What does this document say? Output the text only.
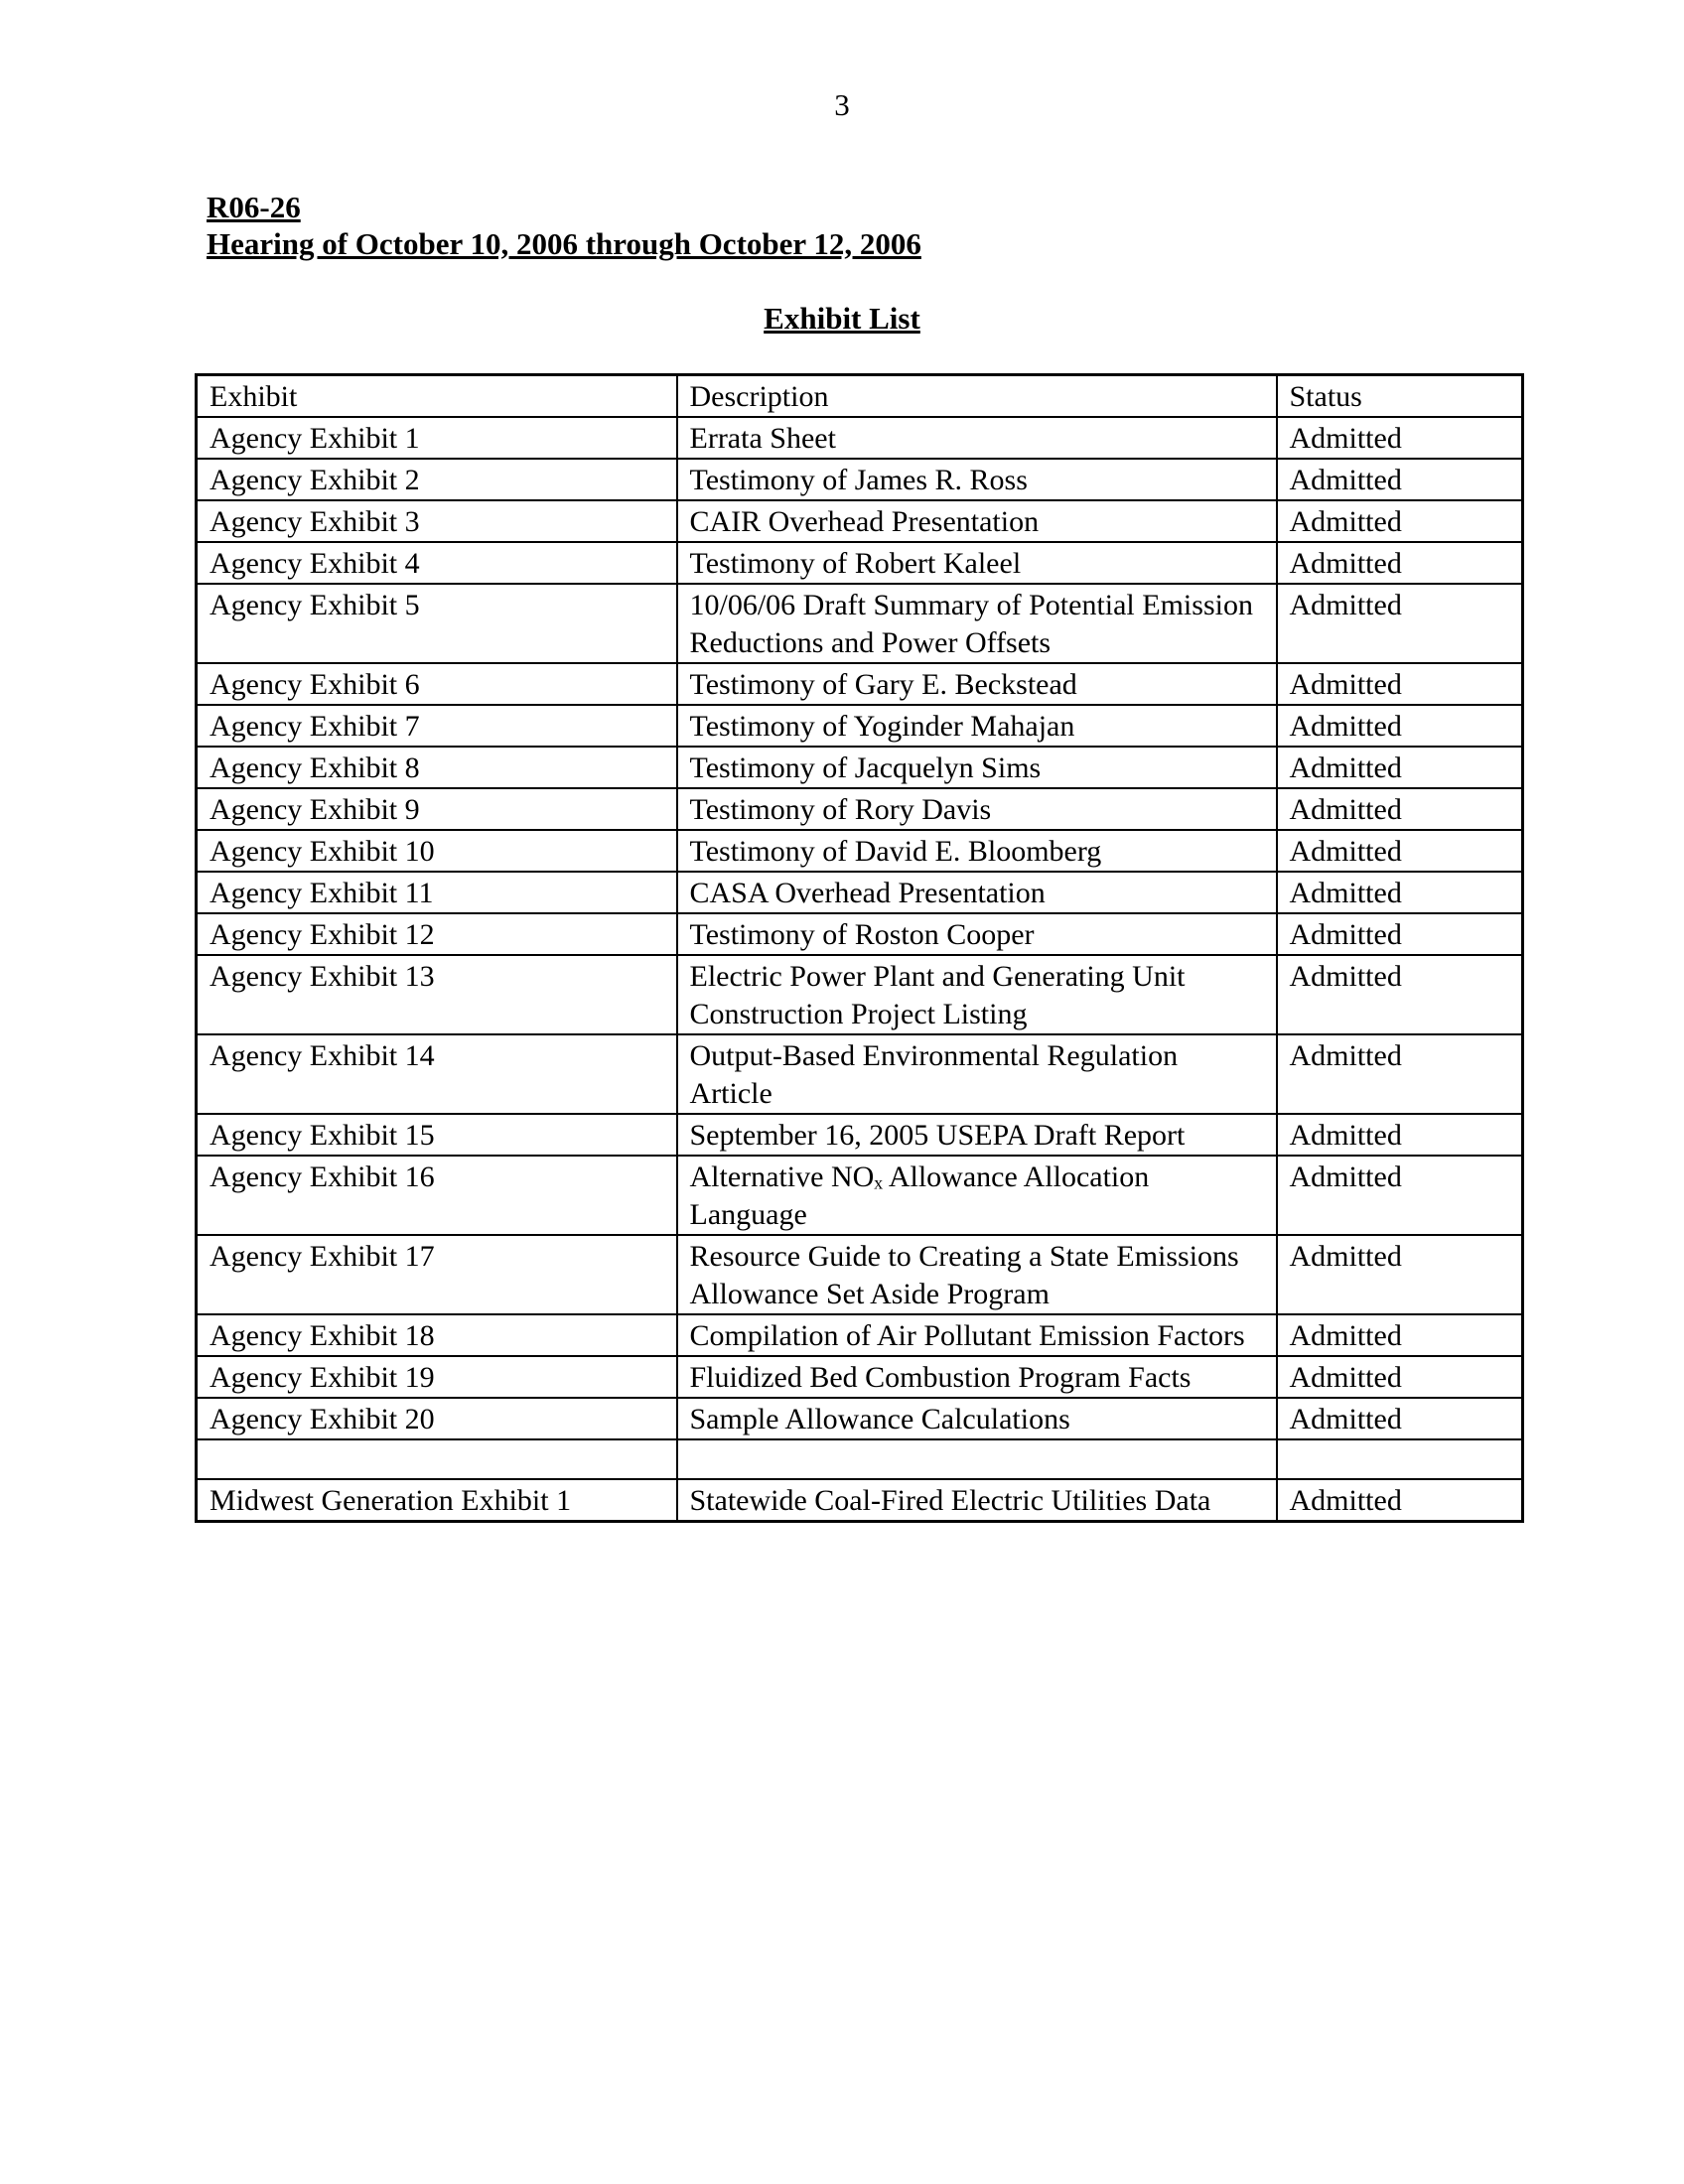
3
R06-26
Hearing of October 10, 2006 through October 12, 2006
Exhibit List
Exhibit	Description	Status
Agency Exhibit 1	Errata Sheet	Admitted
Agency Exhibit 2	Testimony of James R. Ross	Admitted
Agency Exhibit 3	CAIR Overhead Presentation	Admitted
Agency Exhibit 4	Testimony of Robert Kaleel	Admitted
Agency Exhibit 5	10/06/06 Draft Summary of Potential Emission Reductions and Power Offsets	Admitted
Agency Exhibit 6	Testimony of Gary E. Beckstead	Admitted
Agency Exhibit 7	Testimony of Yoginder Mahajan	Admitted
Agency Exhibit 8	Testimony of Jacquelyn Sims	Admitted
Agency Exhibit 9	Testimony of Rory Davis	Admitted
Agency Exhibit 10	Testimony of David E. Bloomberg	Admitted
Agency Exhibit 11	CASA Overhead Presentation	Admitted
Agency Exhibit 12	Testimony of Roston Cooper	Admitted
Agency Exhibit 13	Electric Power Plant and Generating Unit Construction Project Listing	Admitted
Agency Exhibit 14	Output-Based Environmental Regulation Article	Admitted
Agency Exhibit 15	September 16, 2005 USEPA Draft Report	Admitted
Agency Exhibit 16	Alternative NOₓ Allowance Allocation Language	Admitted
Agency Exhibit 17	Resource Guide to Creating a State Emissions Allowance Set Aside Program	Admitted
Agency Exhibit 18	Compilation of Air Pollutant Emission Factors	Admitted
Agency Exhibit 19	Fluidized Bed Combustion Program Facts	Admitted
Agency Exhibit 20	Sample Allowance Calculations	Admitted

Midwest Generation Exhibit 1	Statewide Coal-Fired Electric Utilities Data	Admitted
